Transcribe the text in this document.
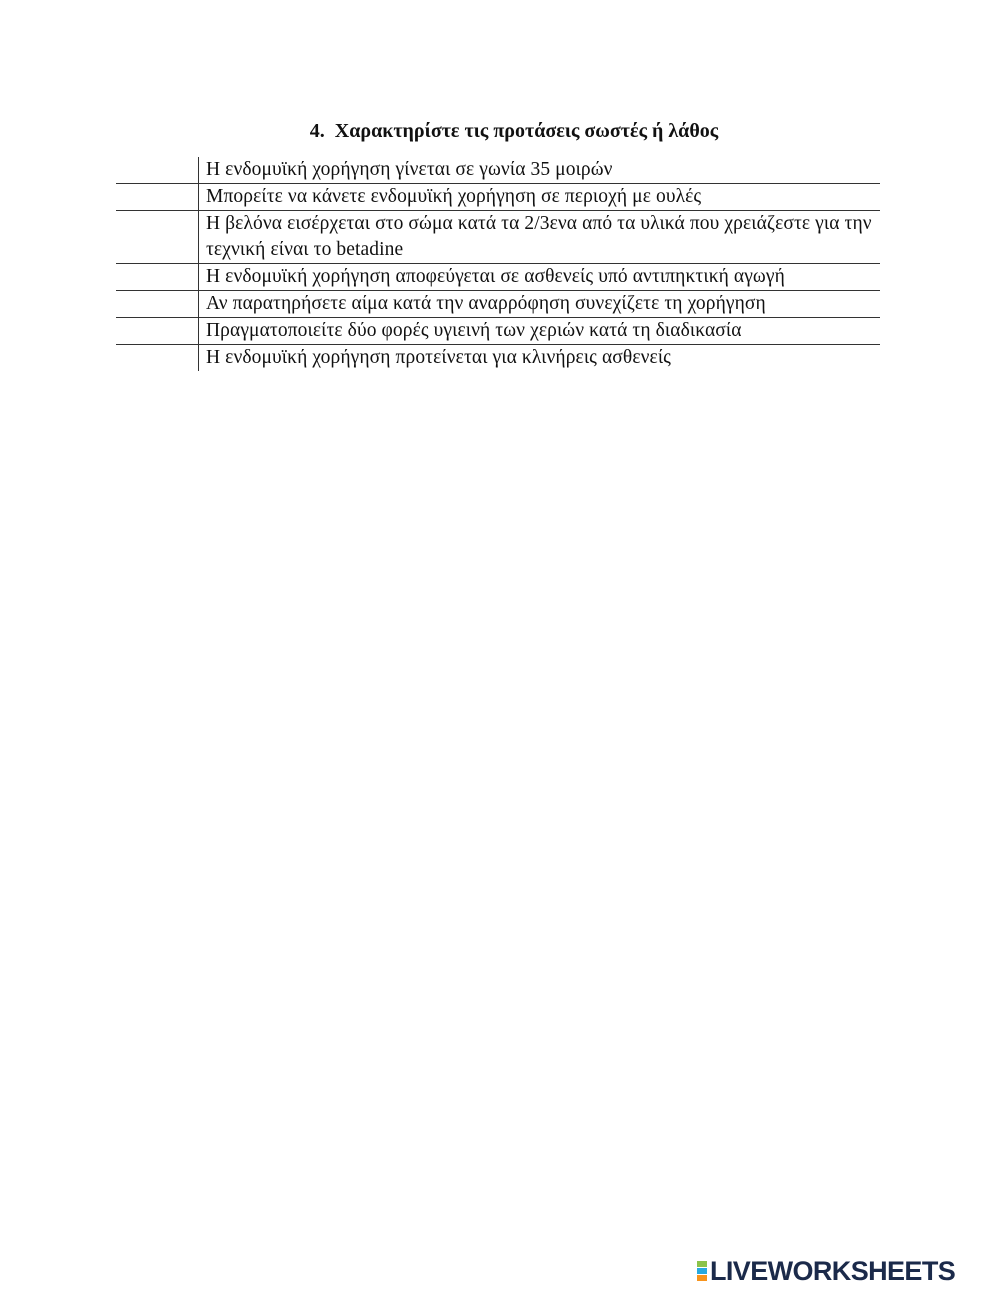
4. Χαρακτηρίστε τις προτάσεις σωστές ή λάθος
	Η ενδομυϊκή χορήγηση γίνεται σε γωνία 35 μοιρών

	Μπορείτε να κάνετε ενδομυϊκή χορήγηση σε περιοχή με ουλές

	Η βελόνα εισέρχεται στο σώμα κατά τα 2/3ενα από τα υλικά που χρειάζεστε για την τεχνική είναι το betadine

	Η ενδομυϊκή χορήγηση αποφεύγεται σε ασθενείς υπό αντιπηκτική αγωγή

	Αν παρατηρήσετε αίμα κατά την αναρρόφηση συνεχίζετε τη χορήγηση

	Πραγματοποιείτε δύο φορές υγιεινή των χεριών κατά τη διαδικασία

	Η ενδομυϊκή χορήγηση προτείνεται για κλινήρεις ασθενείς
LIVEWORKSHEETS
